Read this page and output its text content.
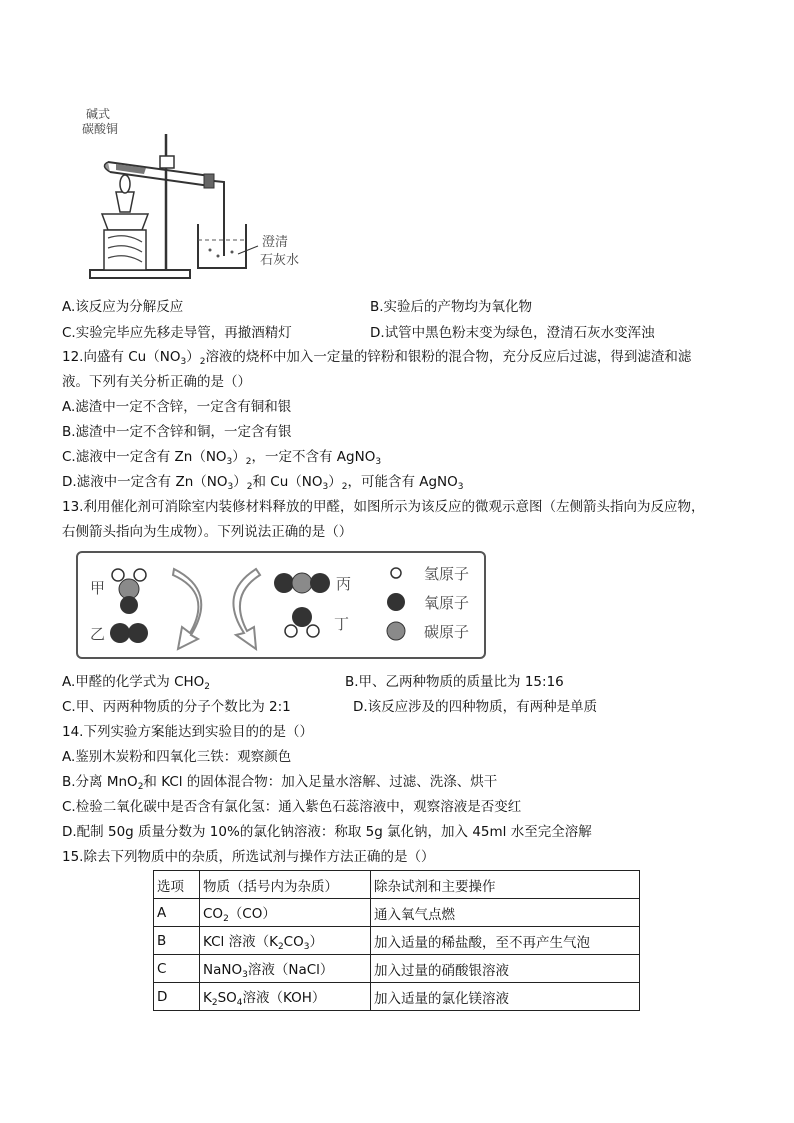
碱式
碳酸铜
澄清
石灰水
A.该反应为分解反应	B.实验后的产物均为氧化物
C.实验完毕应先移走导管，再撤酒精灯	D.试管中黑色粉末变为绿色，澄清石灰水变浑浊
12.向盛有 $Cu(NO_3)_2$溶液的烧杯中加入一定量的锌粉和银粉的混合物，充分反应后过滤，得到滤渣和滤
液。下列有关分析正确的是（）
A.滤渣中一定不含锌，一定含有铜和银
B.滤渣中一定不含锌和铜，一定含有银
C.滤液中一定含有 $Zn(NO_3)_2$，一定不含有 AgNO$_3$
D.滤液中一定含有 $Zn(NO_3)_2$和 $Cu(NO_3)_2$，可能含有 AgNO$_3$
13.利用催化剂可消除室内装修材料释放的甲醛，如图所示为该反应的微观示意图（左侧箭头指向为反应物，
右侧箭头指向为生成物）。下列说法正确的是（）
甲
乙
丙
丁
氢原子
氧原子
碳原子
A.甲醛的化学式为 $CHO_2$	B.甲、乙两种物质的质量比为 15:16
C.甲、丙两种物质的分子个数比为 2:1	D.该反应涉及的四种物质，有两种是单质
14.下列实验方案能达到实验目的的是（）
A.鉴别木炭粉和四氧化三铁：观察颜色
B.分离 MnO$_2$和 KCl 的固体混合物：加入足量水溶解、过滤、洗涤、烘干
C.检验二氧化碳中是否含有氯化氢：通入紫色石蕊溶液中，观察溶液是否变红
D.配制 50g 质量分数为 10%的氯化钠溶液：称取 5g 氯化钠，加入 45ml 水至完全溶解
15.除去下列物质中的杂质，所选试剂与操作方法正确的是（）
选项	物质（括号内为杂质）	除杂试剂和主要操作
A	$CO_2(CO)$	通入氧气点燃
B	KCl 溶液$(K_2CO_3)$	加入适量的稀盐酸，至不再产生气泡
C	NaNO$_3$溶液（NaCl）	加入过量的硝酸银溶液
D	$K_2SO_4$溶液（KOH）	加入适量的氯化镁溶液
